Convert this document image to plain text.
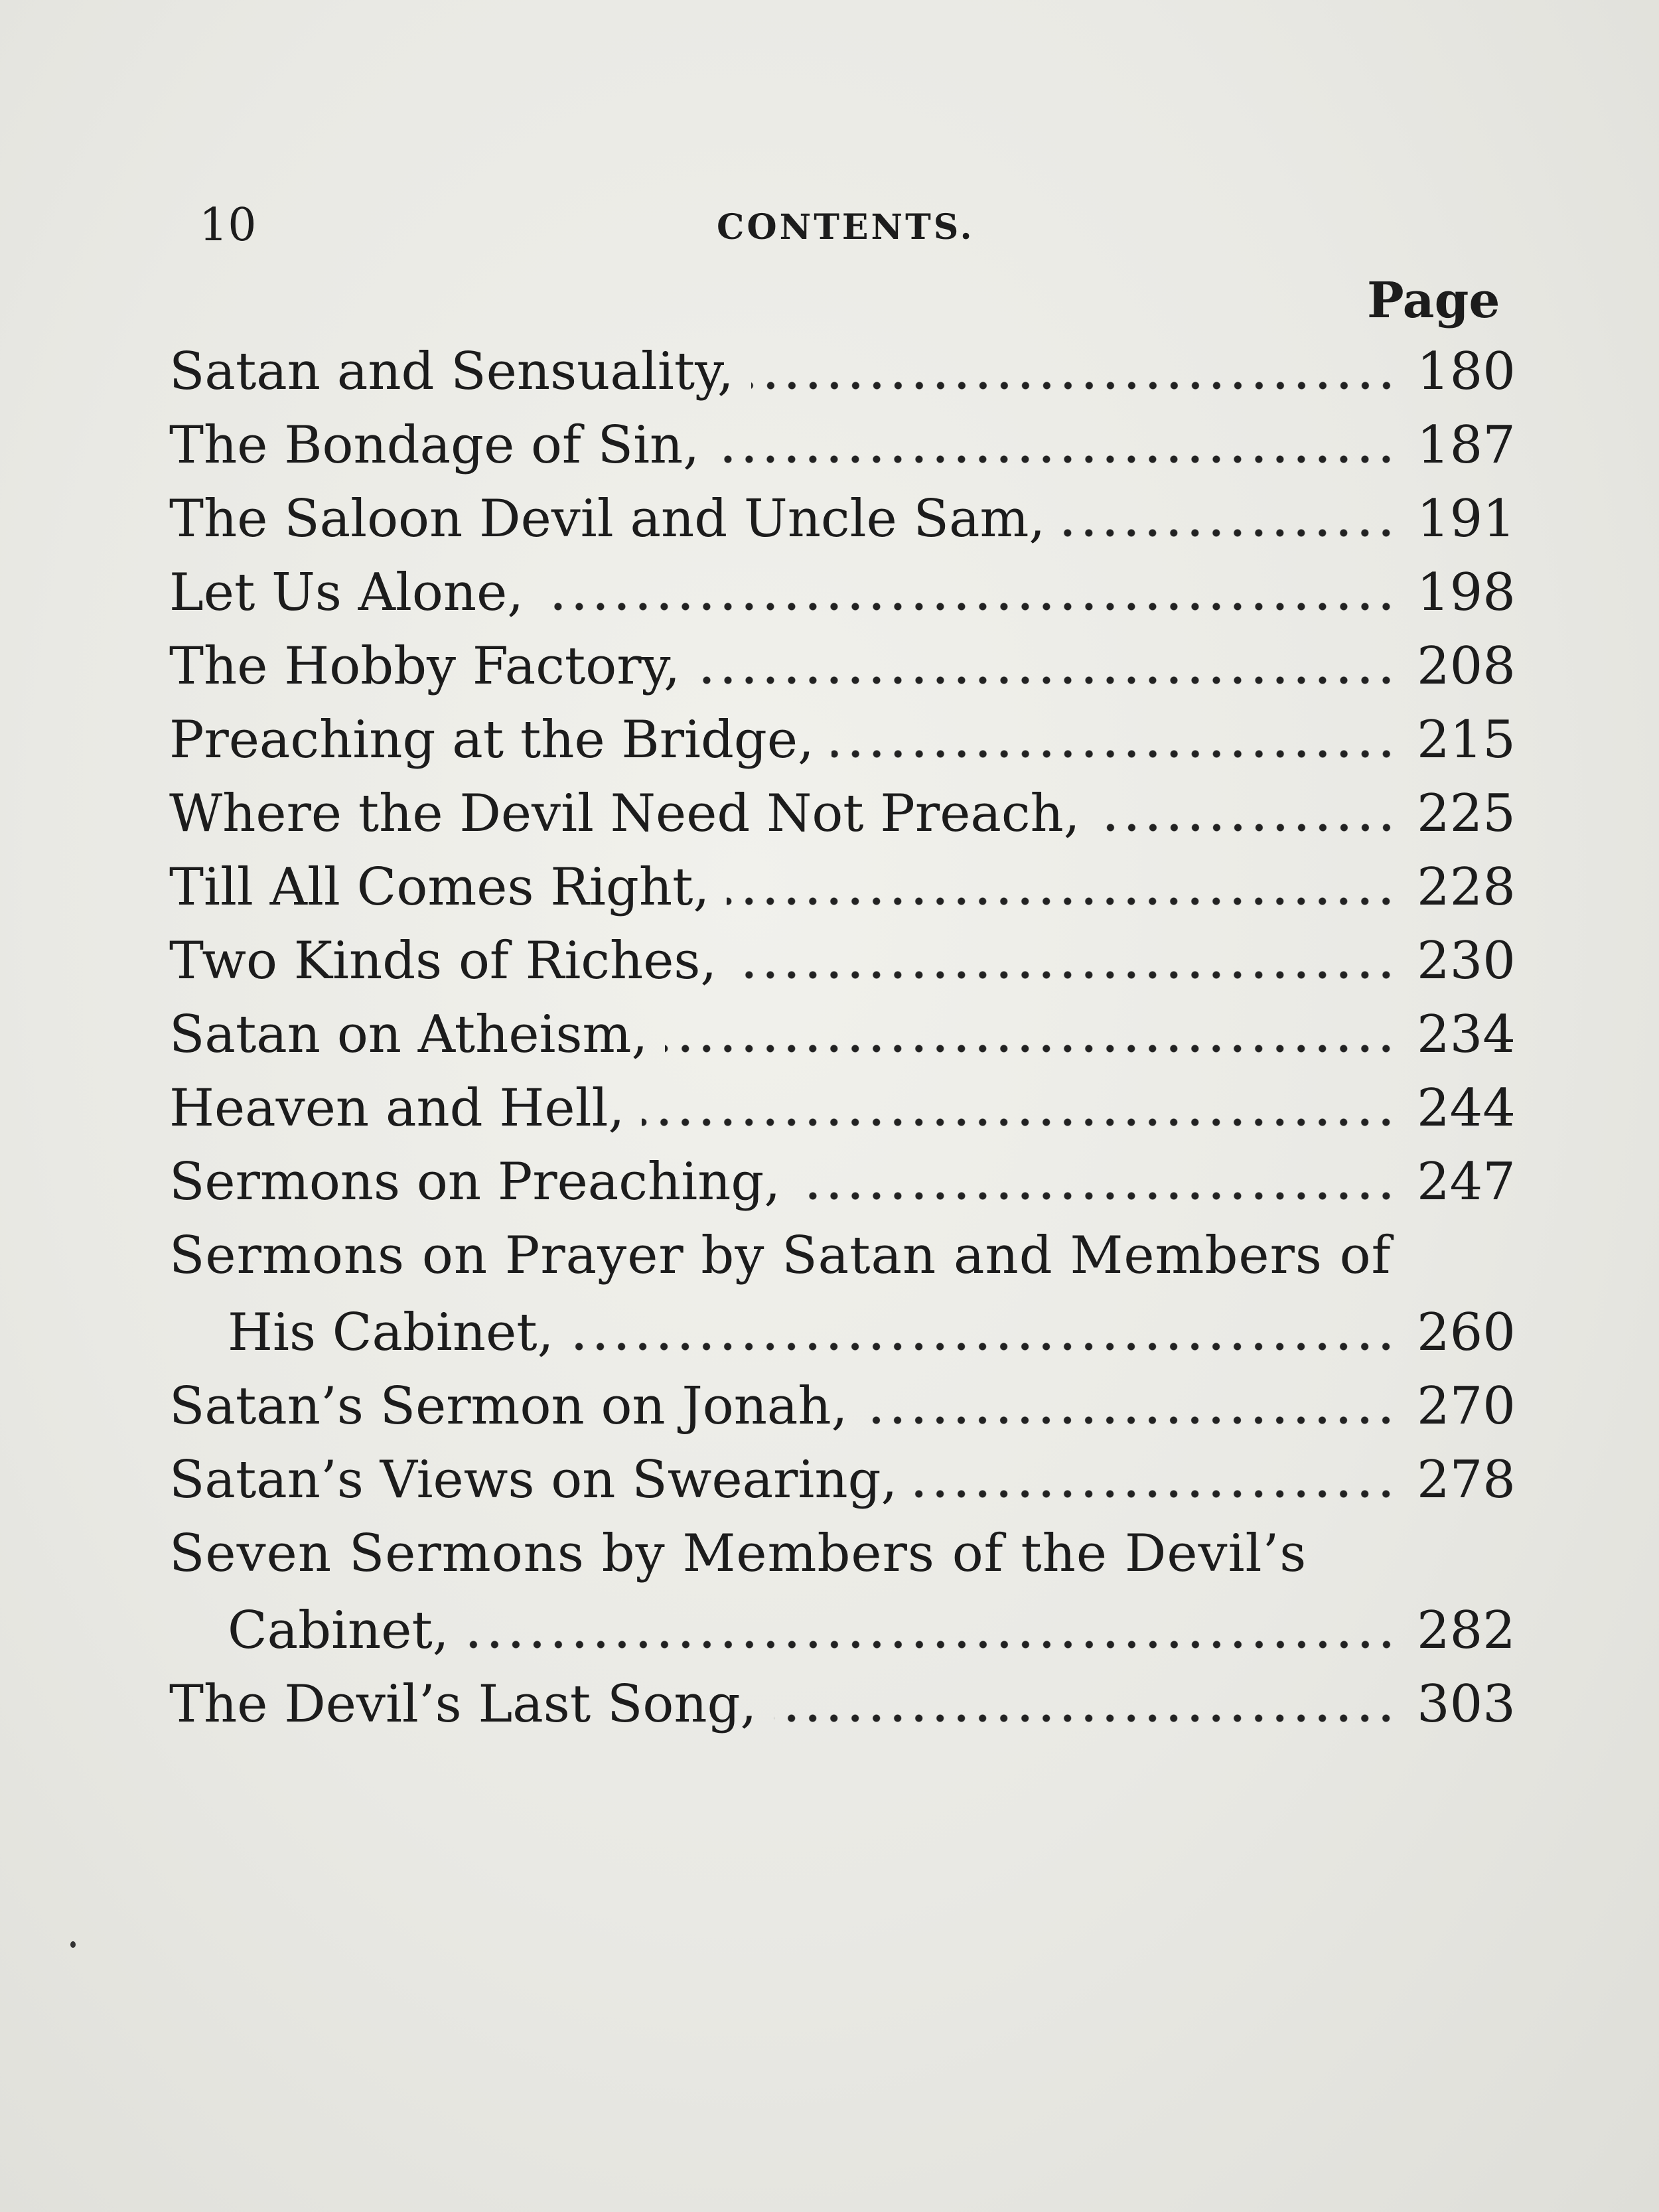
10	CONTENTS.
Page
Satan and Sensuality,	180
The Bondage of Sin,	187
The Saloon Devil and Uncle Sam,	191
Let Us Alone,	198
The Hobby Factory,	208
Preaching at the Bridge,	215
Where the Devil Need Not Preach,	225
Till All Comes Right,	228
Two Kinds of Riches,	230
Satan on Atheism,	234
Heaven and Hell,	244
Sermons on Preaching,	247
Sermons on Prayer by Satan and Members of
His Cabinet,	260
Satan’s Sermon on Jonah,	270
Satan’s Views on Swearing,	278
Seven Sermons by Members of the Devil’s
Cabinet,	282
The Devil’s Last Song,	303
